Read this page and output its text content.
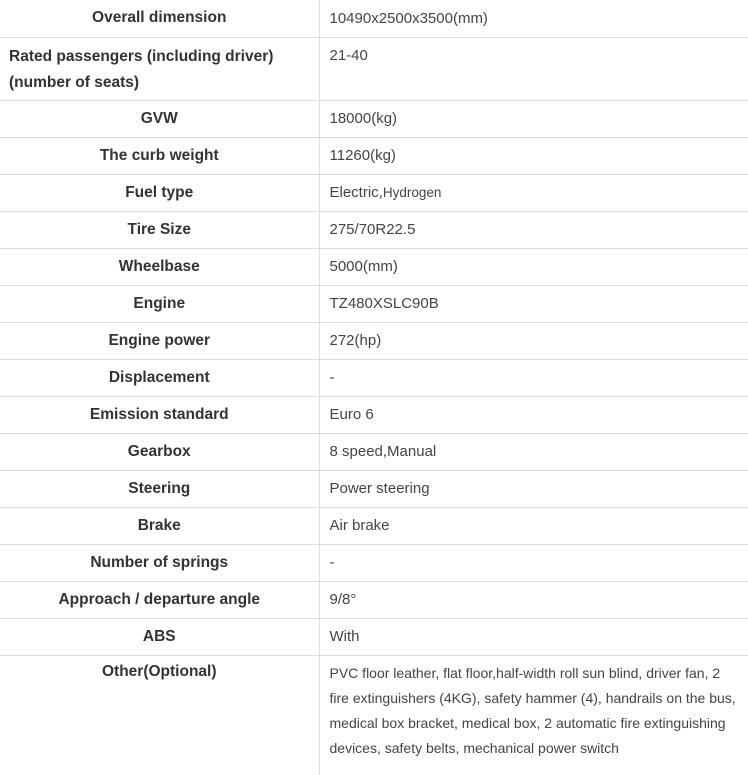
Overall dimension	10490x2500x3500(mm)
Rated passengers (including driver)(number of seats)	21-40
GVW	18000(kg)
The curb weight	11260(kg)
Fuel type	Electric,Hydrogen
Tire Size	275/70R22.5
Wheelbase	5000(mm)
Engine	TZ480XSLC90B
Engine power	272(hp)
Displacement	-
Emission standard	Euro 6
Gearbox	8 speed,Manual
Steering	Power steering
Brake	Air brake
Number of springs	-
Approach / departure angle	9/8°
ABS	With
Other(Optional)	PVC floor leather, flat floor,half-width roll sun blind, driver fan, 2 fire extinguishers (4KG), safety hammer (4), handrails on the bus, medical box bracket, medical box, 2 automatic fire extinguishing devices, safety belts, mechanical power switch
